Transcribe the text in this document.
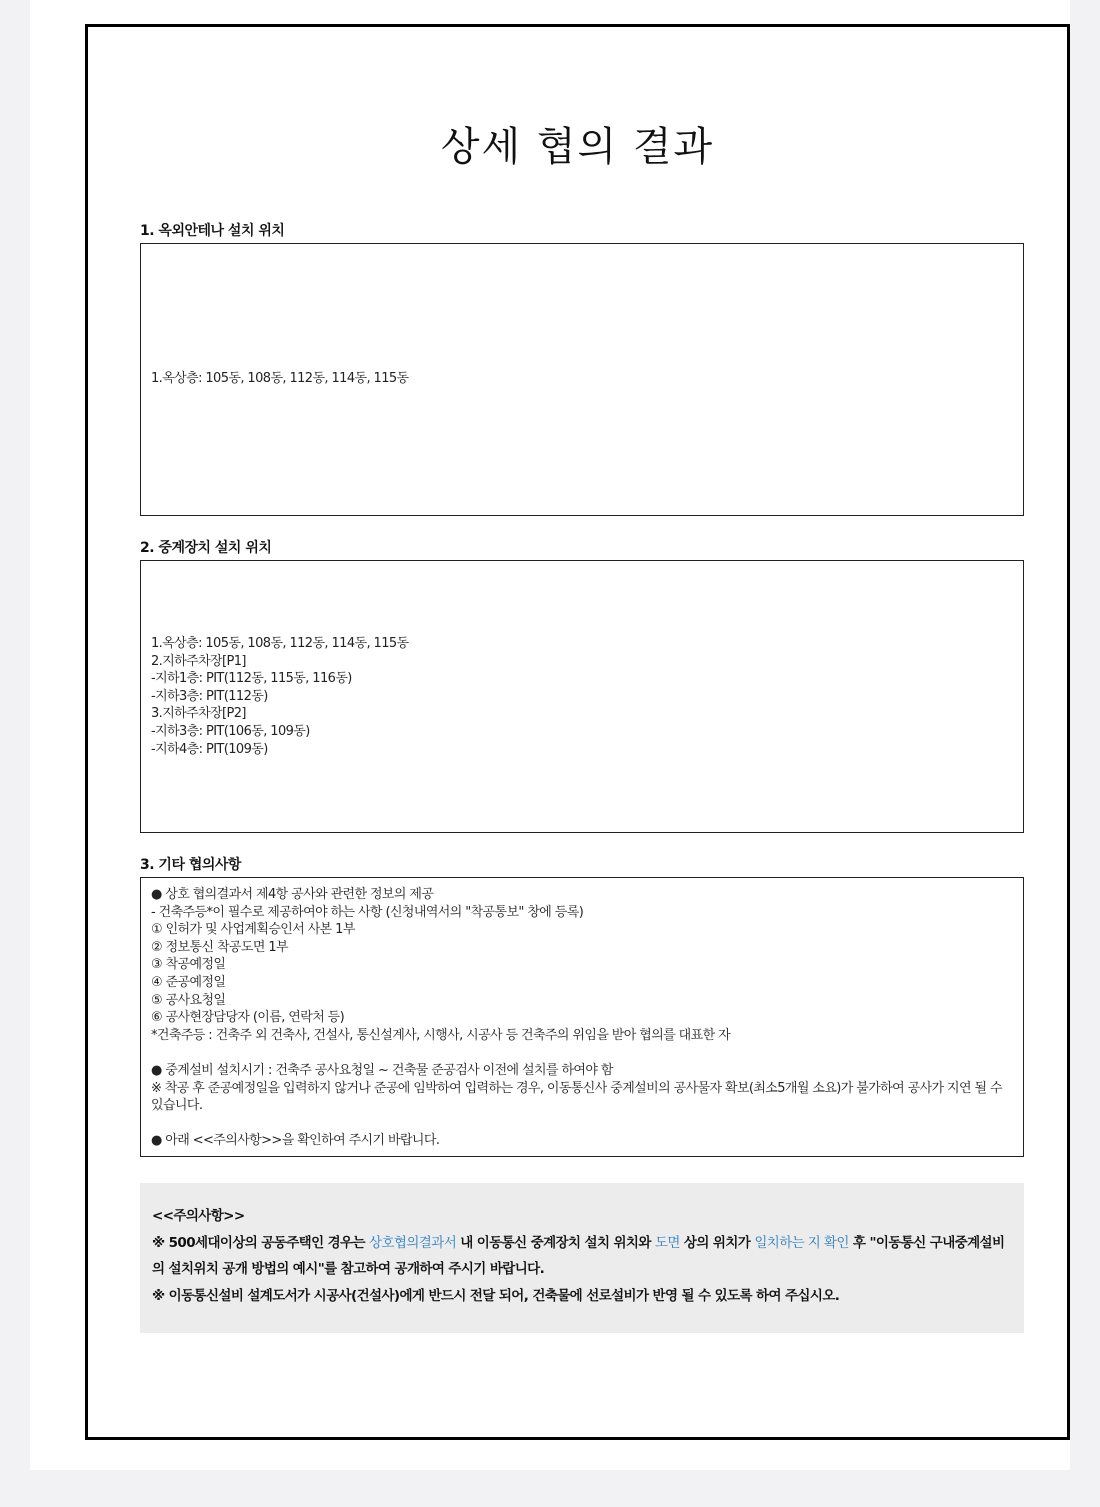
상세 협의 결과
1. 옥외안테나 설치 위치
1.옥상층: 105동, 108동, 112동, 114동, 115동
2. 중계장치 설치 위치
1.옥상층: 105동, 108동, 112동, 114동, 115동
2.지하주차장[P1]
-지하1층: PIT(112동, 115동, 116동)
-지하3층: PIT(112동)
3.지하주차장[P2]
-지하3층: PIT(106동, 109동)
-지하4층: PIT(109동)
3. 기타 협의사항
● 상호 협의결과서 제4항 공사와 관련한 정보의 제공
- 건축주등*이 필수로 제공하여야 하는 사항 (신청내역서의 "착공통보" 창에 등록)
① 인허가 및 사업계획승인서 사본 1부
② 정보통신 착공도면 1부
③ 착공예정일
④ 준공예정일
⑤ 공사요청일
⑥ 공사현장담당자 (이름, 연락처 등)
*건축주등 : 건축주 외 건축사, 건설사, 통신설계사, 시행사, 시공사 등 건축주의 위임을 받아 협의를 대표한 자
● 중계설비 설치시기 : 건축주 공사요청일 ~ 건축물 준공검사 이전에 설치를 하여야 함
※ 착공 후 준공예정일을 입력하지 않거나 준공에 임박하여 입력하는 경우, 이동통신사 중계설비의 공사물자 확보(최소5개월 소요)가 불가하여 공사가 지연 될 수 있습니다.
● 아래 <<주의사항>>을 확인하여 주시기 바랍니다.
<<주의사항>>
※ 500세대이상의 공동주택인 경우는 상호협의결과서 내 이동통신 중계장치 설치 위치와 도면 상의 위치가 일치하는 지 확인 후 "이동통신 구내중계설비의 설치위치 공개 방법의 예시"를 참고하여 공개하여 주시기 바랍니다.
※ 이동통신설비 설계도서가 시공사(건설사)에게 반드시 전달 되어, 건축물에 선로설비가 반영 될 수 있도록 하여 주십시오.
